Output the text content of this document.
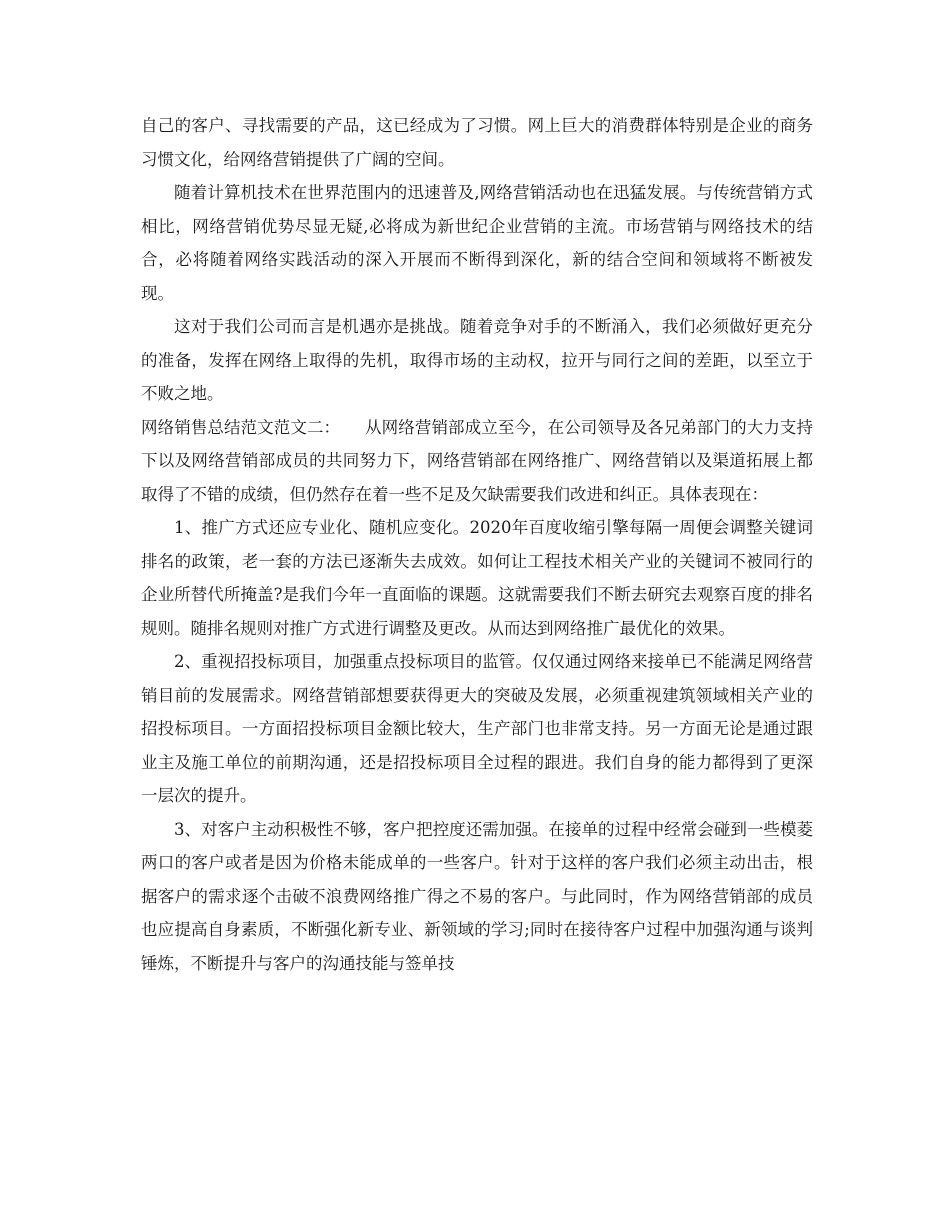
自己的客户、寻找需要的产品，这已经成为了习惯。网上巨大的消费群体特别是企业的商务习惯文化，给网络营销提供了广阔的空间。

随着计算机技术在世界范围内的迅速普及,网络营销活动也在迅猛发展。与传统营销方式相比，网络营销优势尽显无疑,必将成为新世纪企业营销的主流。市场营销与网络技术的结合，必将随着网络实践活动的深入开展而不断得到深化，新的结合空间和领域将不断被发现。

这对于我们公司而言是机遇亦是挑战。随着竞争对手的不断涌入，我们必须做好更充分的准备，发挥在网络上取得的先机，取得市场的主动权，拉开与同行之间的差距，以至立于不败之地。

网络销售总结范文范文二：　　从网络营销部成立至今，在公司领导及各兄弟部门的大力支持下以及网络营销部成员的共同努力下，网络营销部在网络推广、网络营销以及渠道拓展上都取得了不错的成绩，但仍然存在着一些不足及欠缺需要我们改进和纠正。具体表现在：

1、推广方式还应专业化、随机应变化。2020年百度收缩引擎每隔一周便会调整关键词排名的政策，老一套的方法已逐渐失去成效。如何让工程技术相关产业的关键词不被同行的企业所替代所掩盖?是我们今年一直面临的课题。这就需要我们不断去研究去观察百度的排名规则。随排名规则对推广方式进行调整及更改。从而达到网络推广最优化的效果。

2、重视招投标项目，加强重点投标项目的监管。仅仅通过网络来接单已不能满足网络营销目前的发展需求。网络营销部想要获得更大的突破及发展，必须重视建筑领域相关产业的招投标项目。一方面招投标项目金额比较大，生产部门也非常支持。另一方面无论是通过跟业主及施工单位的前期沟通，还是招投标项目全过程的跟进。我们自身的能力都得到了更深一层次的提升。

3、对客户主动积极性不够，客户把控度还需加强。在接单的过程中经常会碰到一些模菱两口的客户或者是因为价格未能成单的一些客户。针对于这样的客户我们必须主动出击，根据客户的需求逐个击破不浪费网络推广得之不易的客户。与此同时，作为网络营销部的成员也应提高自身素质，不断强化新专业、新领域的学习;同时在接待客户过程中加强沟通与谈判锤炼，不断提升与客户的沟通技能与签单技
